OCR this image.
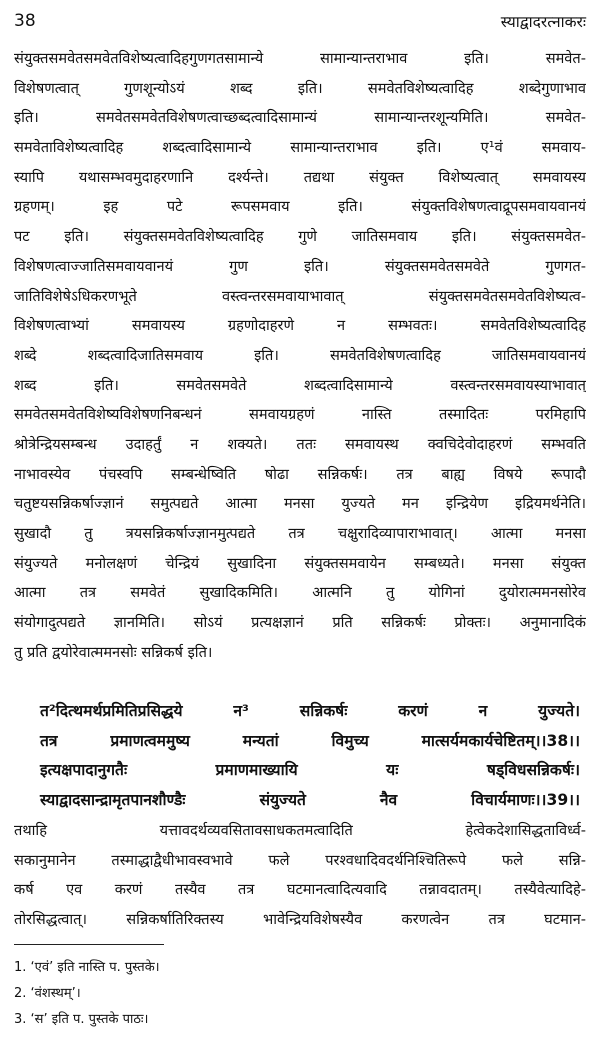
38	स्याद्वादरत्नाकरः
संयुक्तसमवेतसमवेतविशेष्यत्वादिहगुणगतसामान्ये सामान्यान्तराभाव इति। समवेत-
विशेषणत्वात् गुणशून्योऽयं शब्द इति। समवेतविशेष्यत्वादिह शब्देगुणाभाव
इति। समवेतसमवेतविशेषणत्वाच्छब्दत्वादिसामान्यं सामान्यान्तरशून्यमिति। समवेत-
समवेताविशेष्यत्वादिह शब्दत्वादिसामान्ये सामान्यान्तराभाव इति। ए¹वं समवाय-
स्यापि यथासम्भवमुदाहरणानि दर्श्यन्ते। तद्यथा संयुक्त विशेष्यत्वात् समवायस्य
ग्रहणम्। इह पटे रूपसमवाय इति। संयुक्तविशेषणत्वाद्रूपसमवायवानयं
पट इति। संयुक्तसमवेतविशेष्यत्वादिह गुणे जातिसमवाय इति। संयुक्तसमवेत-
विशेषणत्वाज्जातिसमवायवानयं गुण इति। संयुक्तसमवेतसमवेते गुणगत-
जातिविशेषेऽधिकरणभूते वस्त्वन्तरसमवायाभावात् संयुक्तसमवेतसमवेतविशेष्यत्व-
विशेषणत्वाभ्यां समवायस्य ग्रहणोदाहरणे न सम्भवतः। समवेतविशेष्यत्वादिह
शब्दे शब्दत्वादिजातिसमवाय इति। समवेतविशेषणत्वादिह जातिसमवायवानयं
शब्द इति। समवेतसमवेते शब्दत्वादिसामान्ये वस्त्वन्तरसमवायस्याभावात्
समवेतसमवेतविशेष्यविशेषणनिबन्धनं समवायग्रहणं नास्ति तस्मादितः परमिहापि
श्रोत्रेन्द्रियसम्बन्ध उदाहर्तुं न शक्यते। ततः समवायस्थ क्वचिदेवोदाहरणं सम्भवति
नाभावस्येव पंचस्वपि सम्बन्धेष्विति षोढा सन्निकर्षः। तत्र बाह्य विषये रूपादौ
चतुष्टयसन्निकर्षाज्ज्ञानं समुत्पद्यते आत्मा मनसा युज्यते मन इन्द्रियेण इद्रियमर्थनेति।
सुखादौ तु त्रयसन्निकर्षाज्ज्ञानमुत्पद्यते तत्र चक्षुरादिव्यापाराभावात्। आत्मा मनसा
संयुज्यते मनोलक्षणं चेन्द्रियं सुखादिना संयुक्तसमवायेन सम्बध्यते। मनसा संयुक्त
आत्मा तत्र समवेतं सुखादिकमिति। आत्मनि तु योगिनां दुयोरात्ममनसोरेव
संयोगादुत्पद्यते ज्ञानमिति। सोऽयं प्रत्यक्षज्ञानं प्रति सन्निकर्षः प्रोक्तः। अनुमानादिकं
तु प्रति द्वयोरेवात्ममनसोः सन्निकर्ष इति।
त²दित्थमर्थप्रमितिप्रसिद्धये न³ सन्निकर्षः करणं न युज्यते।
तत्र प्रमाणत्वममुष्य मन्यतां विमुच्य मात्सर्यमकार्यचेष्टितम्।।38।।
इत्यक्षपादानुगतैः प्रमाणमाख्यायि यः षड्विधसन्निकर्षः।
स्याद्वादसान्द्रामृतपानशौण्डैः संयुज्यते नैव विचार्यमाणः।।39।।
तथाहि यत्तावदर्थव्यवसितावसाधकतमत्वादिति हेत्वेकदेशासिद्धताविर्ध्व-
सकानुमानेन तस्माद्धाद्वैधीभावस्वभावे फले परश्वधादिवदर्थनिश्चितिरूपे फले सन्नि-
कर्ष एव करणं तस्यैव तत्र घटमानत्वादित्यवादि तन्नावदातम्। तस्यैवेत्यादिहे-
तोरसिद्धत्वात्। सन्निकर्षातिरिक्तस्य भावेन्द्रियविशेषस्यैव करणत्वेन तत्र घटमान-
1. ‘एवं’ इति नास्ति प. पुस्तके।
2. ‘वंशस्थम्’।
3. ‘स’ इति प. पुस्तके पाठः।
